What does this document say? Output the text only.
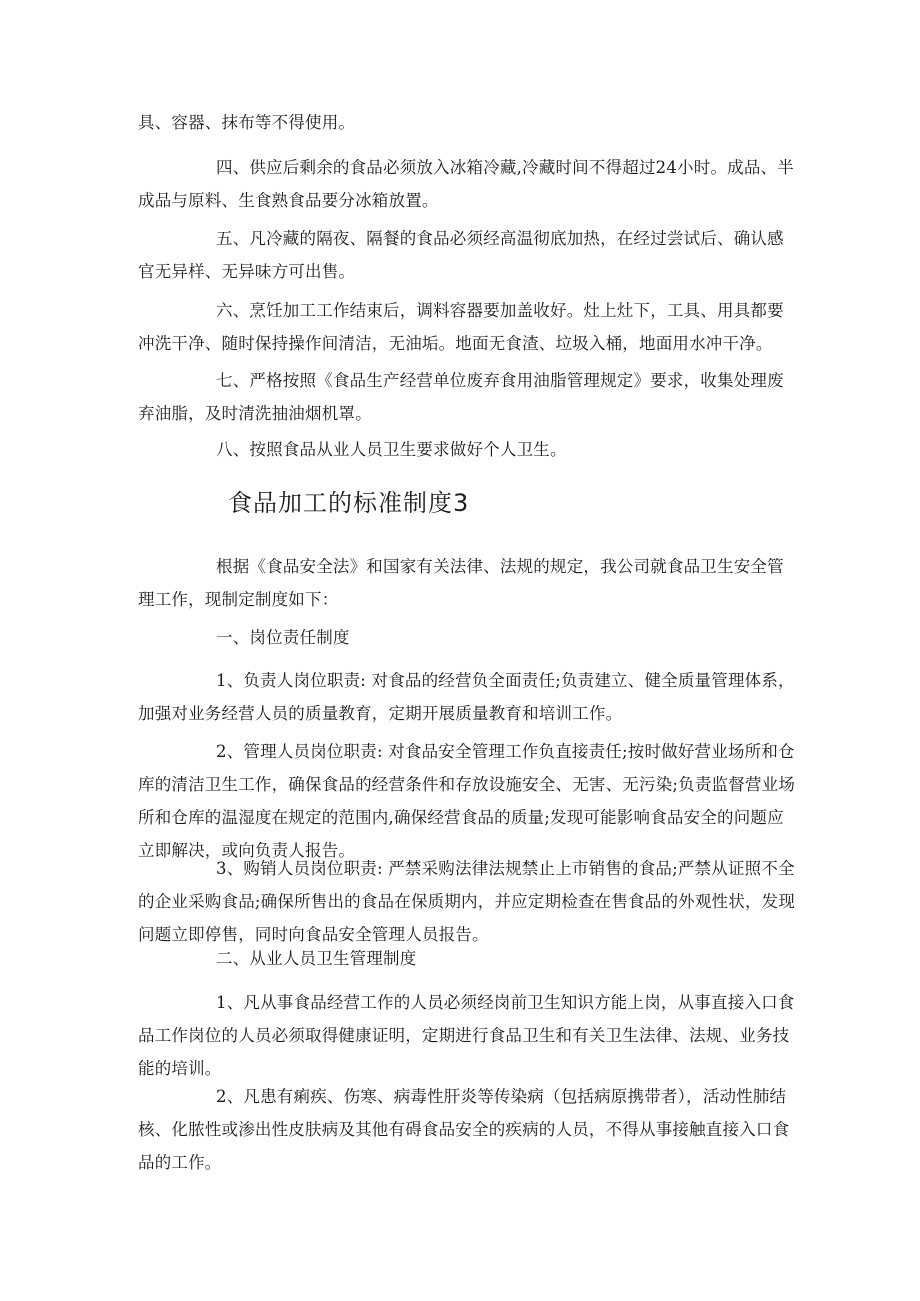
具、容器、抹布等不得使用。

四、供应后剩余的食品必须放入冰箱冷藏,冷藏时间不得超过24小时。成品、半成品与原料、生食熟食品要分冰箱放置。

五、凡冷藏的隔夜、隔餐的食品必须经高温彻底加热，在经过尝试后、确认感官无异样、无异味方可出售。

六、烹饪加工工作结束后，调料容器要加盖收好。灶上灶下，工具、用具都要冲洗干净、随时保持操作间清洁，无油垢。地面无食渣、垃圾入桶，地面用水冲干净。

七、严格按照《食品生产经营单位废弃食用油脂管理规定》要求，收集处理废弃油脂，及时清洗抽油烟机罩。

八、按照食品从业人员卫生要求做好个人卫生。

食品加工的标准制度3

根据《食品安全法》和国家有关法律、法规的规定，我公司就食品卫生安全管理工作，现制定制度如下：

一、岗位责任制度

1、负责人岗位职责: 对食品的经营负全面责任;负责建立、健全质量管理体系，加强对业务经营人员的质量教育，定期开展质量教育和培训工作。

2、管理人员岗位职责: 对食品安全管理工作负直接责任;按时做好营业场所和仓库的清洁卫生工作，确保食品的经营条件和存放设施安全、无害、无污染;负责监督营业场所和仓库的温湿度在规定的范围内,确保经营食品的质量;发现可能影响食品安全的问题应立即解决，或向负责人报告。

3、购销人员岗位职责: 严禁采购法律法规禁止上市销售的食品;严禁从证照不全的企业采购食品;确保所售出的食品在保质期内，并应定期检查在售食品的外观性状，发现问题立即停售，同时向食品安全管理人员报告。

二、从业人员卫生管理制度

1、凡从事食品经营工作的人员必须经岗前卫生知识方能上岗，从事直接入口食品工作岗位的人员必须取得健康证明，定期进行食品卫生和有关卫生法律、法规、业务技能的培训。

2、凡患有痢疾、伤寒、病毒性肝炎等传染病（包括病原携带者），活动性肺结核、化脓性或渗出性皮肤病及其他有碍食品安全的疾病的人员，不得从事接触直接入口食品的工作。
